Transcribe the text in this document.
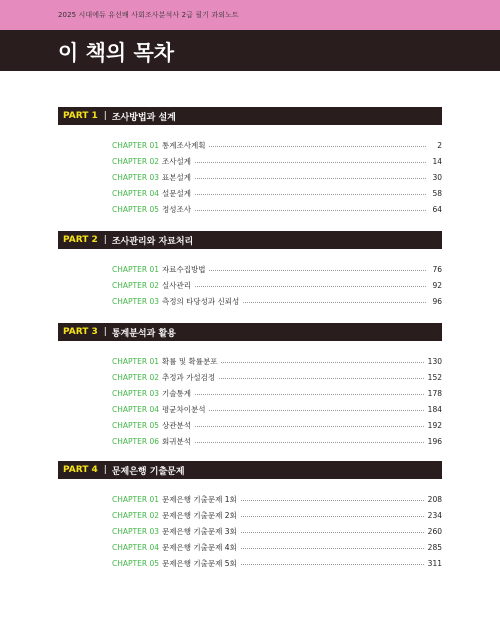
2025 시대에듀 유선배 사회조사분석사 2급 필기 과외노트
이 책의 목차
PART 1 | 조사방법과 설계
CHAPTER 01 통계조사계획	2
CHAPTER 02 조사설계	14
CHAPTER 03 표본설계	30
CHAPTER 04 설문설계	58
CHAPTER 05 정성조사	64
PART 2 | 조사관리와 자료처리
CHAPTER 01 자료수집방법	76
CHAPTER 02 실사관리	92
CHAPTER 03 측정의 타당성과 신뢰성	96
PART 3 | 통계분석과 활용
CHAPTER 01 확률 및 확률분포	130
CHAPTER 02 추정과 가설검정	152
CHAPTER 03 기술통계	178
CHAPTER 04 평균차이분석	184
CHAPTER 05 상관분석	192
CHAPTER 06 회귀분석	196
PART 4 | 문제은행 기출문제
CHAPTER 01 문제은행 기출문제 1회	208
CHAPTER 02 문제은행 기출문제 2회	234
CHAPTER 03 문제은행 기출문제 3회	260
CHAPTER 04 문제은행 기출문제 4회	285
CHAPTER 05 문제은행 기출문제 5회	311
